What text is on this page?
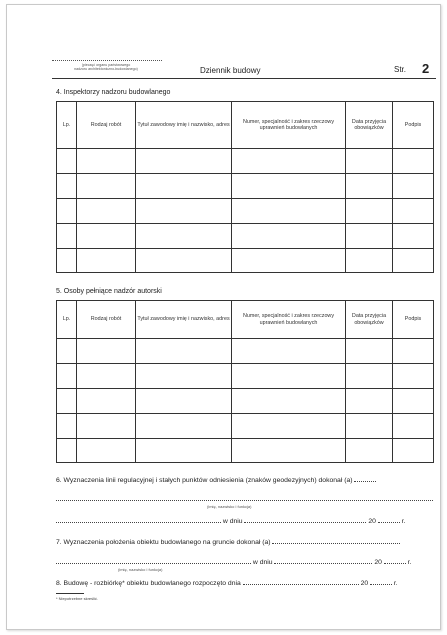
(pieczęć organu państwowego
nadzoru architektoniczno-budowlanego)	Dziennik budowy	Str. 2
4. Inspektorzy nadzoru budowlanego
Lp.	Rodzaj robót	Tytuł zawodowy imię i nazwisko, adres	Numer, specjalność i zakres rzeczowy uprawnień budowlanych	Data przyjęcia obowiązków	Podpis

5. Osoby pełniące nadzór autorski
Lp.	Rodzaj robót	Tytuł zawodowy imię i nazwisko, adres	Numer, specjalność i zakres rzeczowy uprawnień budowlanych	Data przyjęcia obowiązków	Podpis

6. Wyznaczenia linii regulacyjnej i stałych punktów odniesienia (znaków geodezyjnych) dokonał (a)
(imię, nazwisko i funkcja)
w dniu	20	r.
7. Wyznaczenia położenia obiektu budowlanego na gruncie dokonał (a)
w dniu	20	r.
(imię, nazwisko i funkcja)
8. Budowę - rozbiórkę* obiektu budowlanego rozpoczęto dnia	20	r.
* Niepotrzebne skreślić.
